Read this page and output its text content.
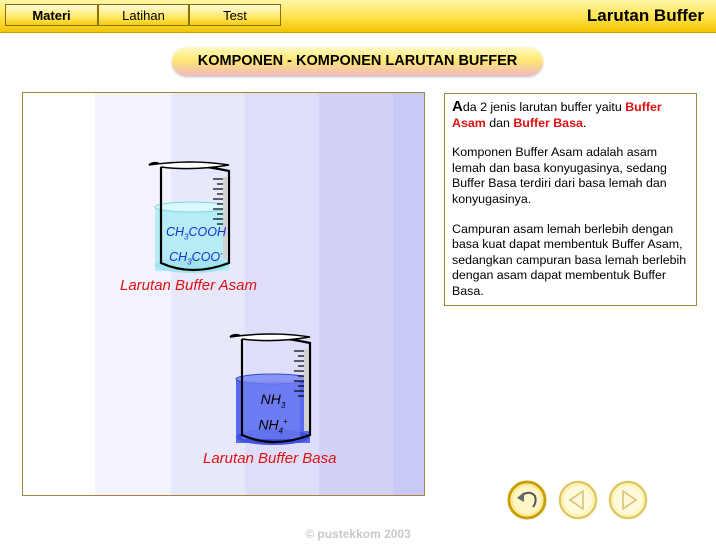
Materi	Latihan	Test	Larutan Buffer
KOMPONEN - KOMPONEN LARUTAN BUFFER
$CH_3COOH$
$CH_3COO^-$
Larutan Buffer Asam
$NH_3$
$NH_4^+$
Larutan Buffer Basa

Ada 2 jenis larutan buffer yaitu Buffer Asam dan Buffer Basa.

Komponen Buffer Asam adalah asam lemah dan basa konyugasinya, sedang Buffer Basa terdiri dari basa lemah dan konyugasinya.

Campuran asam lemah berlebih dengan basa kuat dapat membentuk Buffer Asam, sedangkan campuran basa lemah berlebih dengan asam dapat membentuk Buffer Basa.

© pustekkom 2003
